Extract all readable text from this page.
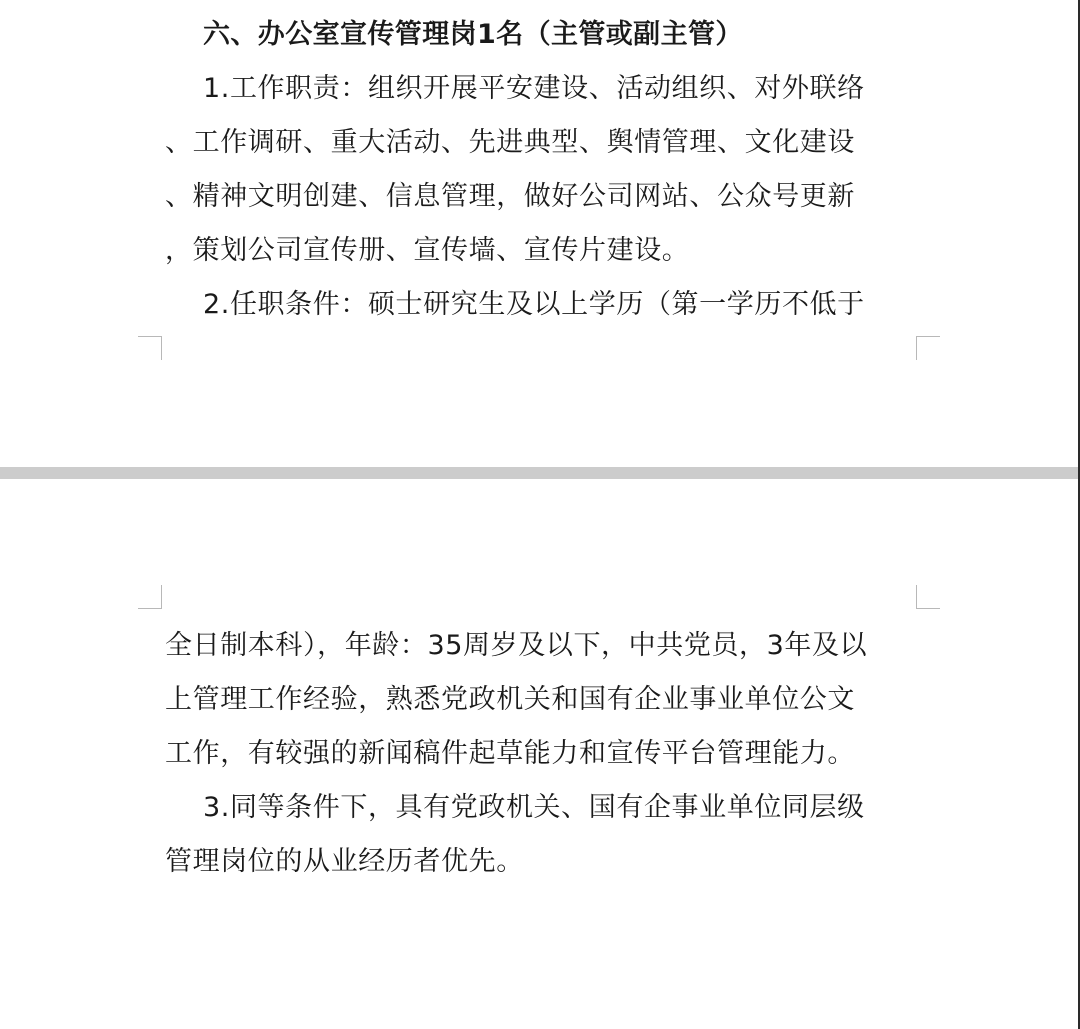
六、办公室宣传管理岗1名（主管或副主管）
1.工作职责：组织开展平安建设、活动组织、对外联络
、工作调研、重大活动、先进典型、舆情管理、文化建设
、精神文明创建、信息管理，做好公司网站、公众号更新
，策划公司宣传册、宣传墙、宣传片建设。
2.任职条件：硕士研究生及以上学历（第一学历不低于
全日制本科），年龄：35周岁及以下，中共党员，3年及以
上管理工作经验，熟悉党政机关和国有企业事业单位公文
工作，有较强的新闻稿件起草能力和宣传平台管理能力。
3.同等条件下，具有党政机关、国有企事业单位同层级
管理岗位的从业经历者优先。
